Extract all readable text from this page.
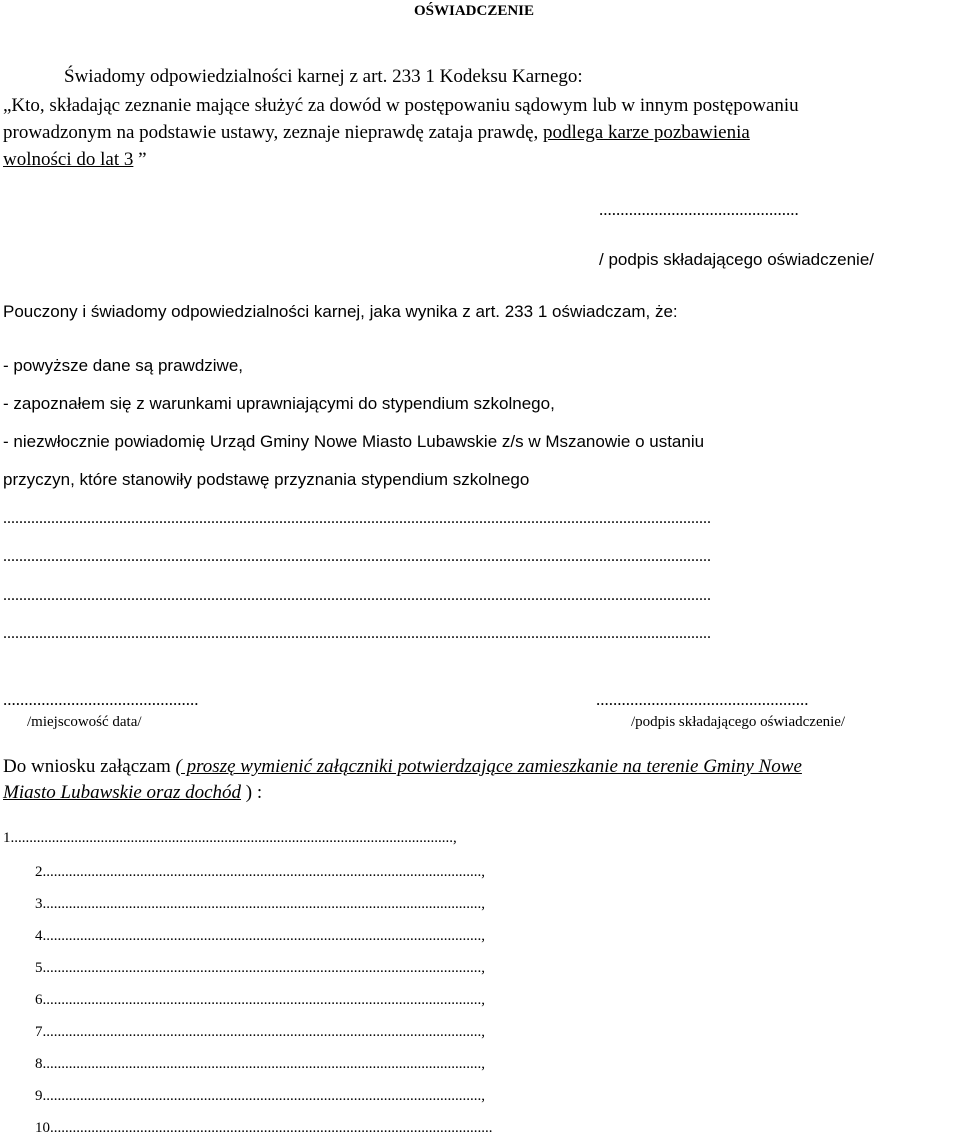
OŚWIADCZENIE
Świadomy odpowiedzialności karnej z art. 233 1 Kodeksu Karnego:
„Kto, składając zeznanie mające służyć za dowód w postępowaniu sądowym lub w innym postępowaniu
prowadzonym na podstawie ustawy, zeznaje nieprawdę zataja prawdę, podlega karze pozbawienia
wolności do lat 3 ”
...............................................
/ podpis składającego oświadczenie/
Pouczony i świadomy odpowiedzialności karnej, jaka wynika z art. 233 1 oświadczam, że:
- powyższe dane są prawdziwe,
- zapoznałem się z warunkami uprawniającymi do stypendium szkolnego,
- niezwłocznie powiadomię Urząd Gminy Nowe Miasto Lubawskie z/s w Mszanowie o ustaniu
przyczyn, które stanowiły podstawę przyznania stypendium szkolnego
.................................................................................................................................................................................
.................................................................................................................................................................................
.................................................................................................................................................................................
.................................................................................................................................................................................
..............................................
/miejscowość data/
..................................................
/podpis składającego oświadczenie/
Do wniosku załączam ( proszę wymienić załączniki potwierdzające zamieszkanie na terenie Gminy Nowe
Miasto Lubawskie oraz dochód ) :
1......................................................................................................................,
2.....................................................................................................................,
3.....................................................................................................................,
4.....................................................................................................................,
5.....................................................................................................................,
6.....................................................................................................................,
7.....................................................................................................................,
8.....................................................................................................................,
9.....................................................................................................................,
10......................................................................................................................
